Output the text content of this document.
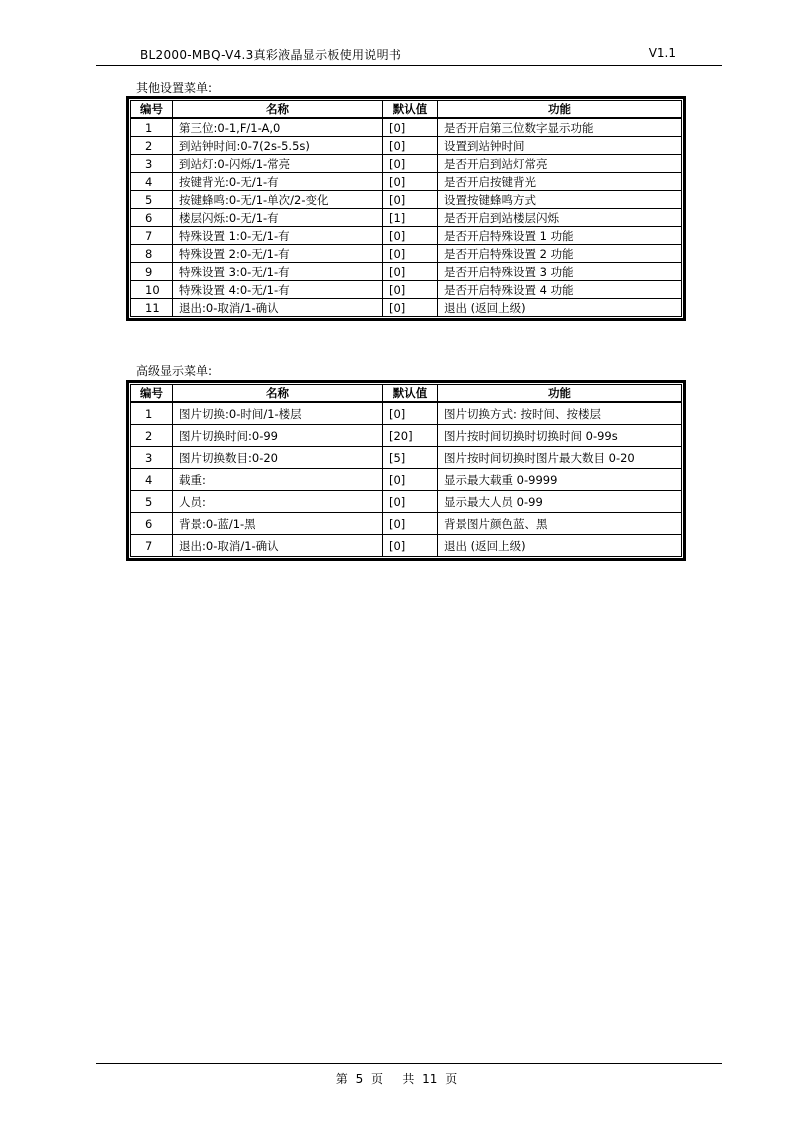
BL2000-MBQ-V4.3真彩液晶显示板使用说明书	V1.1
其他设置菜单:
编号	名称	默认值	功能
1	第三位:0-1,F/1-A,0	[0]	是否开启第三位数字显示功能
2	到站钟时间:0-7(2s-5.5s)	[0]	设置到站钟时间
3	到站灯:0-闪烁/1-常亮	[0]	是否开启到站灯常亮
4	按键背光:0-无/1-有	[0]	是否开启按键背光
5	按键蜂鸣:0-无/1-单次/2-变化	[0]	设置按键蜂鸣方式
6	楼层闪烁:0-无/1-有	[1]	是否开启到站楼层闪烁
7	特殊设置 1:0-无/1-有	[0]	是否开启特殊设置 1 功能
8	特殊设置 2:0-无/1-有	[0]	是否开启特殊设置 2 功能
9	特殊设置 3:0-无/1-有	[0]	是否开启特殊设置 3 功能
10	特殊设置 4:0-无/1-有	[0]	是否开启特殊设置 4 功能
11	退出:0-取消/1-确认	[0]	退出 (返回上级)
高级显示菜单:
编号	名称	默认值	功能
1	图片切换:0-时间/1-楼层	[0]	图片切换方式: 按时间、按楼层
2	图片切换时间:0-99	[20]	图片按时间切换时切换时间 0-99s
3	图片切换数目:0-20	[5]	图片按时间切换时图片最大数目 0-20
4	载重:	[0]	显示最大载重 0-9999
5	人员:	[0]	显示最大人员 0-99
6	背景:0-蓝/1-黑	[0]	背景图片颜色蓝、黑
7	退出:0-取消/1-确认	[0]	退出 (返回上级)
第 5 页 共 11 页
